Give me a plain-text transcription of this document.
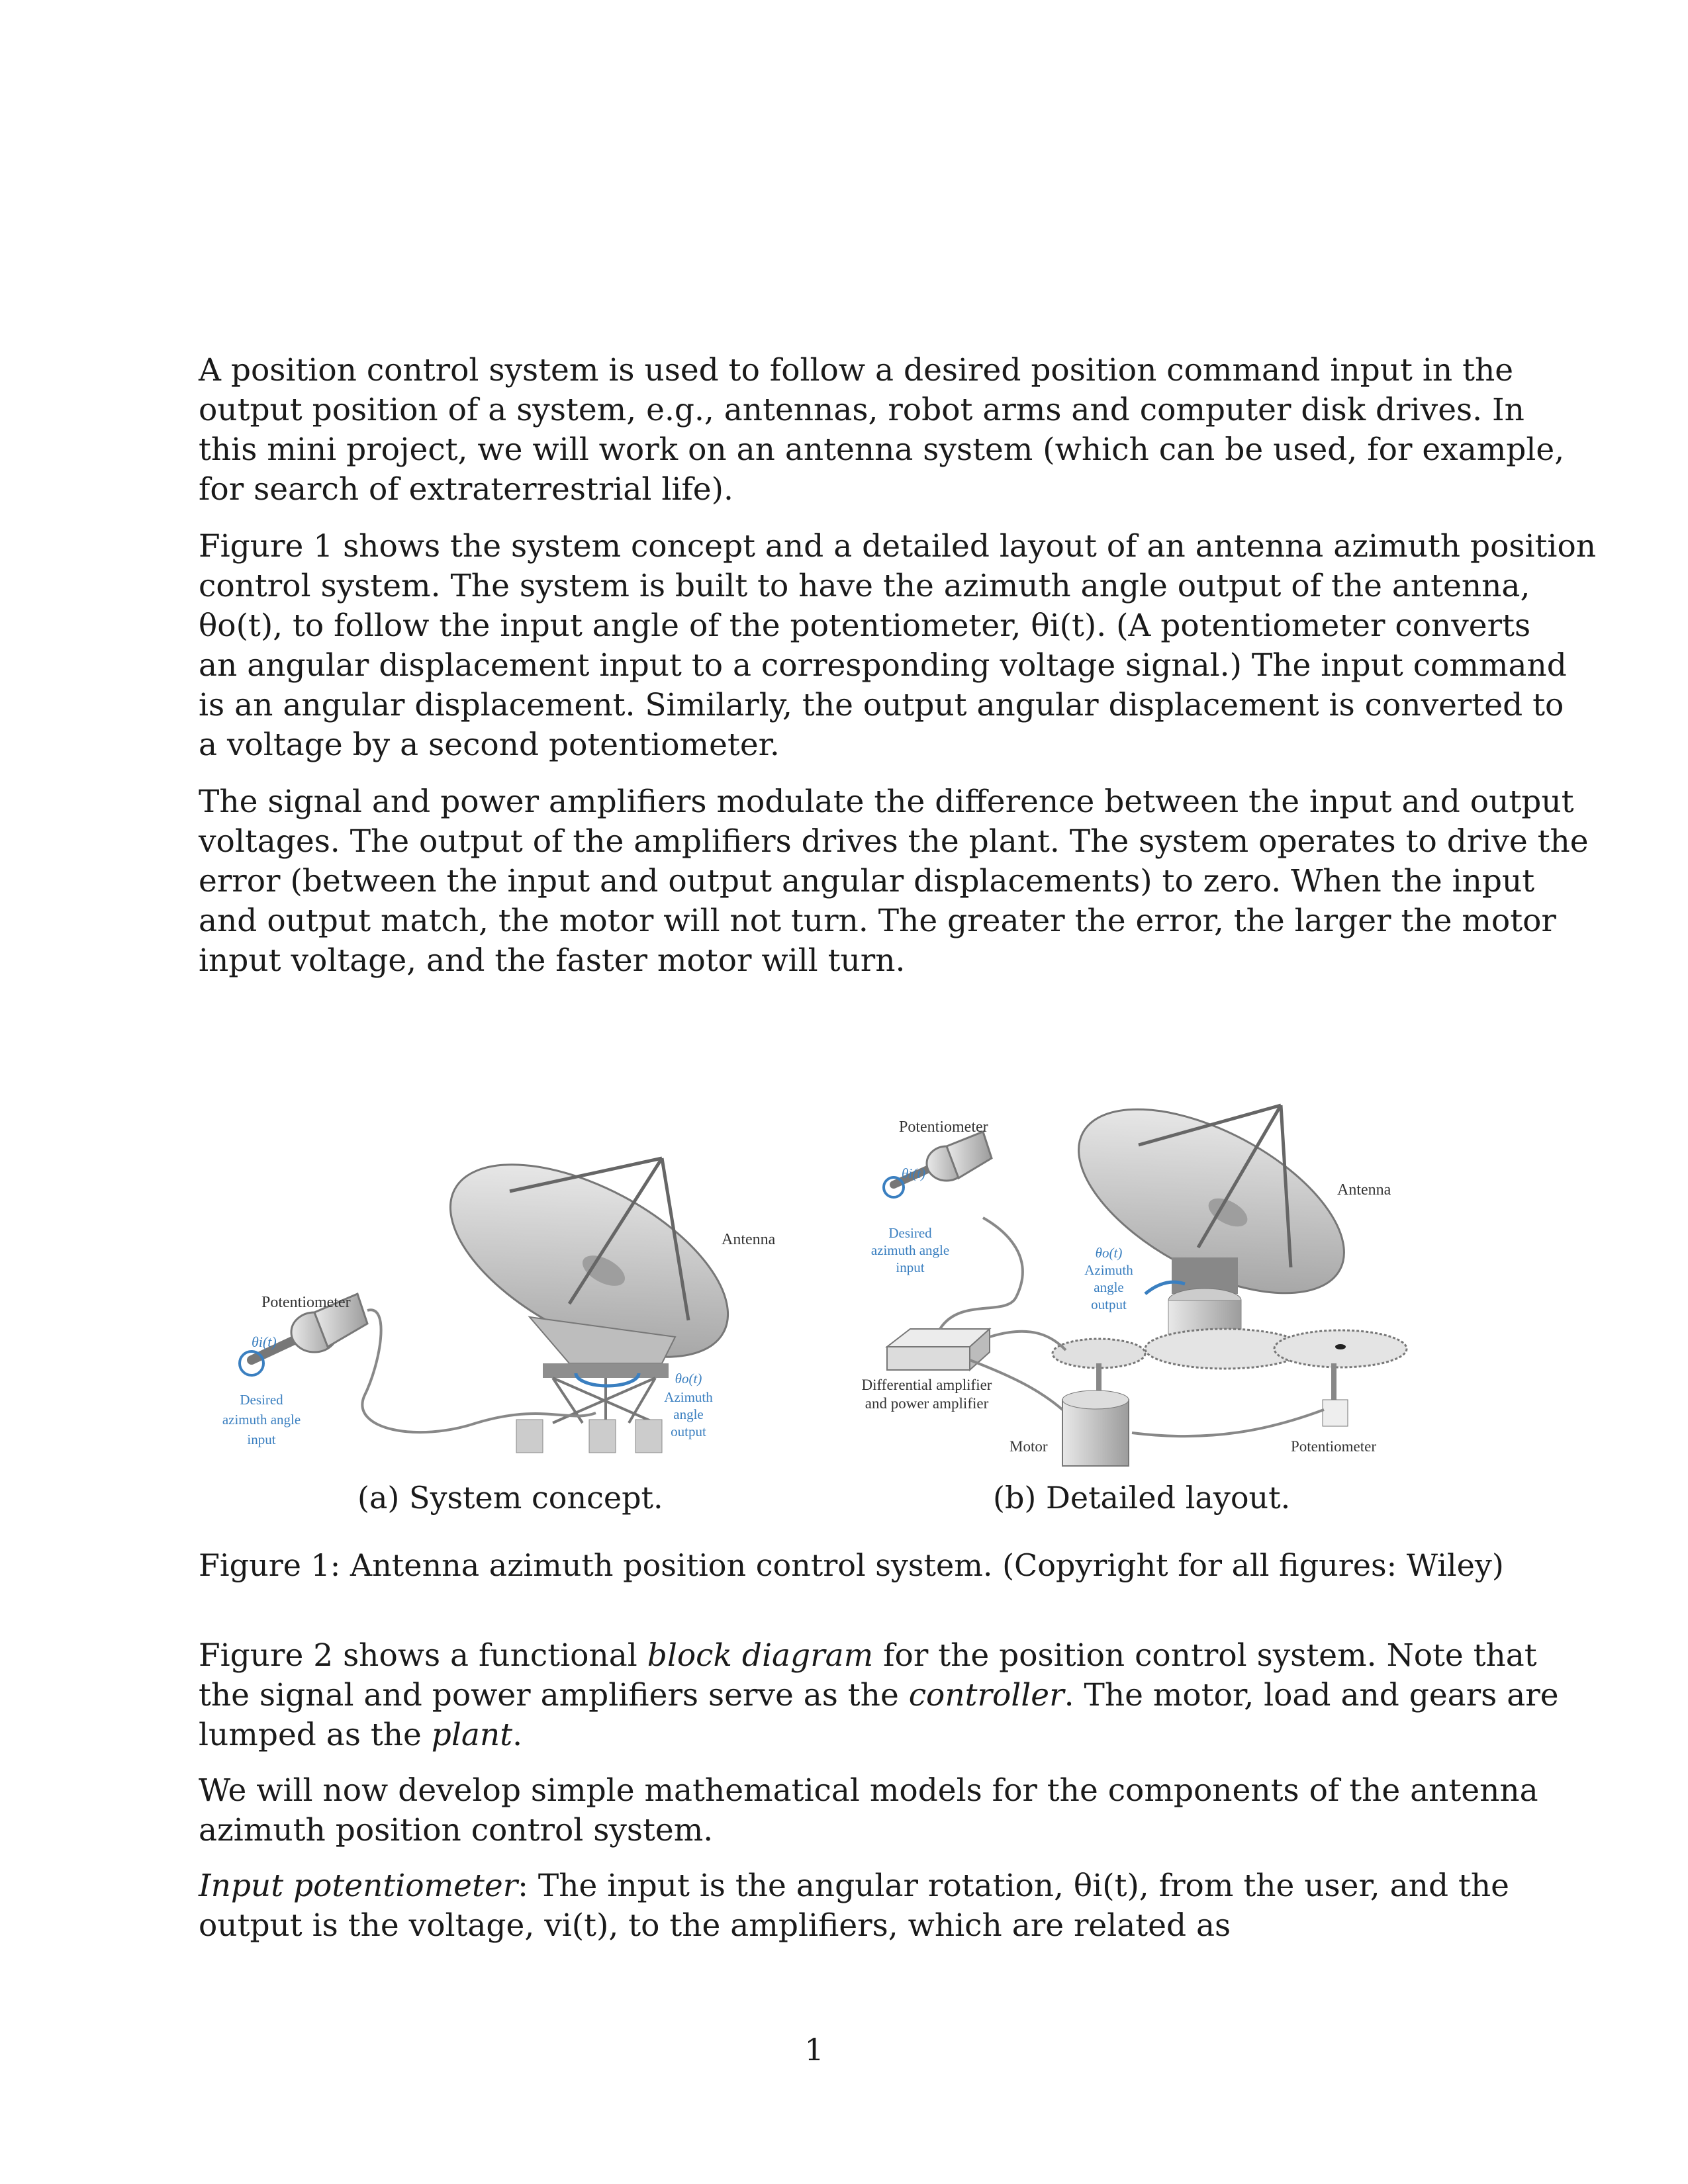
A position control system is used to follow a desired position command input in the
output position of a system, e.g., antennas, robot arms and computer disk drives. In
this mini project, we will work on an antenna system (which can be used, for example,
for search of extraterrestrial life).
Figure 1 shows the system concept and a detailed layout of an antenna azimuth position
control system. The system is built to have the azimuth angle output of the antenna,
θo(t), to follow the input angle of the potentiometer, θi(t). (A potentiometer converts
an angular displacement input to a corresponding voltage signal.) The input command
is an angular displacement. Similarly, the output angular displacement is converted to
a voltage by a second potentiometer.
The signal and power amplifiers modulate the difference between the input and output
voltages. The output of the amplifiers drives the plant. The system operates to drive the
error (between the input and output angular displacements) to zero. When the input
and output match, the motor will not turn. The greater the error, the larger the motor
input voltage, and the faster motor will turn.
Potentiometer
θi(t)
Desired
azimuth angle
input
Antenna
θo(t)
Azimuth
angle
output
Potentiometer
θi(t)
Desired
azimuth angle
input
θo(t)
Azimuth
angle
output
Antenna
Differential amplifier
and power amplifier
Motor	Potentiometer
(a) System concept.	(b) Detailed layout.
Figure 1: Antenna azimuth position control system. (Copyright for all figures: Wiley)
Figure 2 shows a functional block diagram for the position control system. Note that
the signal and power amplifiers serve as the controller. The motor, load and gears are
lumped as the plant.
We will now develop simple mathematical models for the components of the antenna
azimuth position control system.
Input potentiometer: The input is the angular rotation, θi(t), from the user, and the
output is the voltage, vi(t), to the amplifiers, which are related as
1
